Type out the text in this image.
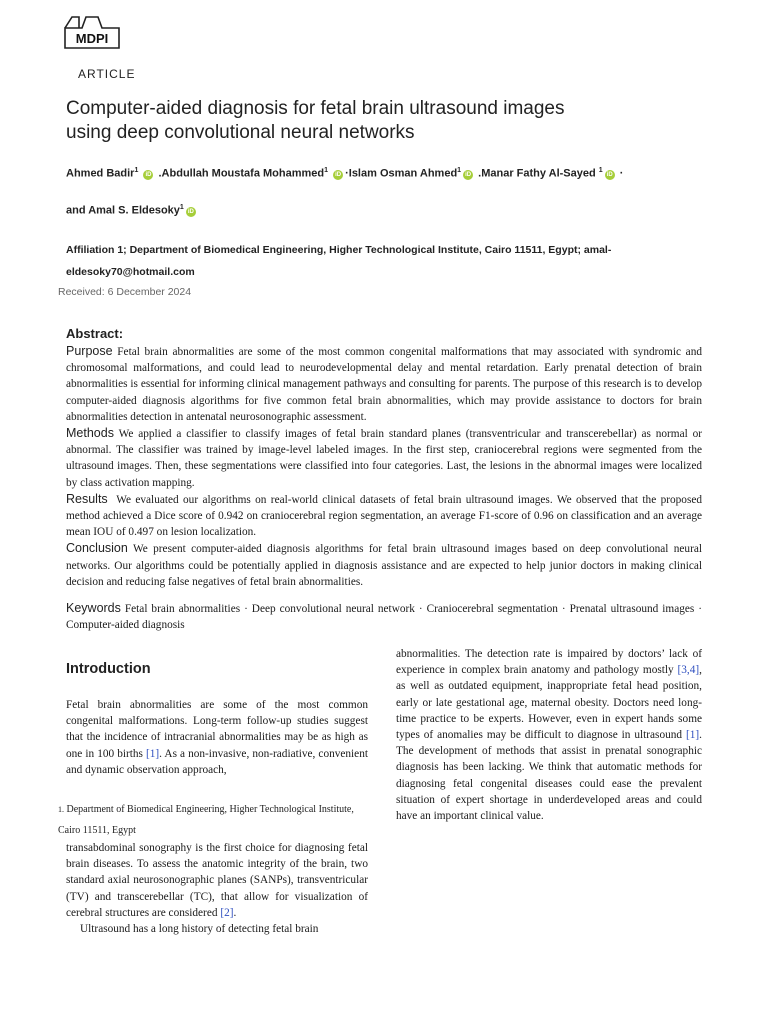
MDPI
ARTICLE
Computer-aided diagnosis for fetal brain ultrasound images
using deep convolutional neural networks
Ahmed Badir$^1$ iD .Abdullah Moustafa Mohammed$^1$ iD ·Islam Osman Ahmed$^1$iD .Manar Fathy Al-Sayed $^1$iD ·
and Amal S. Eldesoky$^1$iD
Affiliation 1; Department of Biomedical Engineering, Higher Technological Institute, Cairo 11511, Egypt; amal-
eldesoky70@hotmail.com
Received: 6 December 2024
Abstract:

Purpose Fetal brain abnormalities are some of the most common congenital malformations that may associated with syndromic and chromosomal malformations, and could lead to neurodevelopmental delay and mental retardation. Early prenatal detection of brain abnormalities is essential for informing clinical management pathways and consulting for parents. The purpose of this research is to develop computer-aided diagnosis algorithms for five common fetal brain abnormalities, which may provide assistance to doctors for brain abnormalities detection in antenatal neurosonographic assessment.

Methods We applied a classifier to classify images of fetal brain standard planes (transventricular and transcerebellar) as normal or abnormal. The classifier was trained by image-level labeled images. In the first step, craniocerebral regions were segmented from the ultrasound images. Then, these segmentations were classified into four categories. Last, the lesions in the abnormal images were localized by class activation mapping.

Results We evaluated our algorithms on real-world clinical datasets of fetal brain ultrasound images. We observed that the proposed method achieved a Dice score of 0.942 on craniocerebral region segmentation, an average F1-score of 0.96 on classification and an average mean IOU of 0.497 on lesion localization.

Conclusion We present computer-aided diagnosis algorithms for fetal brain ultrasound images based on deep convolutional neural networks. Our algorithms could be potentially applied in diagnosis assistance and are expected to help junior doctors in making clinical decision and reducing false negatives of fetal brain abnormalities.

Keywords Fetal brain abnormalities · Deep convolutional neural network · Craniocerebral segmentation · Prenatal ultrasound images · Computer-aided diagnosis
Introduction

Fetal brain abnormalities are some of the most common congenital malformations. Long-term follow-up studies suggest that the incidence of intracranial abnormalities may be as high as one in 100 births [1]. As a non-invasive, non-radiative, convenient and dynamic observation approach,

1. Department of Biomedical Engineering, Higher Technological Institute,
Cairo 11511, Egypt

transabdominal sonography is the first choice for diagnosing fetal brain diseases. To assess the anatomic integrity of the brain, two standard axial neurosonographic planes (SANPs), transventricular (TV) and transcerebellar (TC), that allow for visualization of cerebral structures are considered [2].

Ultrasound has a long history of detecting fetal brain

abnormalities. The detection rate is impaired by doctors’ lack of experience in complex brain anatomy and pathology mostly [3,4], as well as outdated equipment, inappropriate fetal head position, early or late gestational age, maternal obesity. Doctors need long-time practice to be experts. However, even in expert hands some types of anomalies may be difficult to diagnose in ultrasound [1]. The development of methods that assist in prenatal sonographic diagnosis has been lacking. We think that automatic methods for diagnosing fetal congenital diseases could ease the prevalent situation of expert shortage in underdeveloped areas and could have an important clinical value.
